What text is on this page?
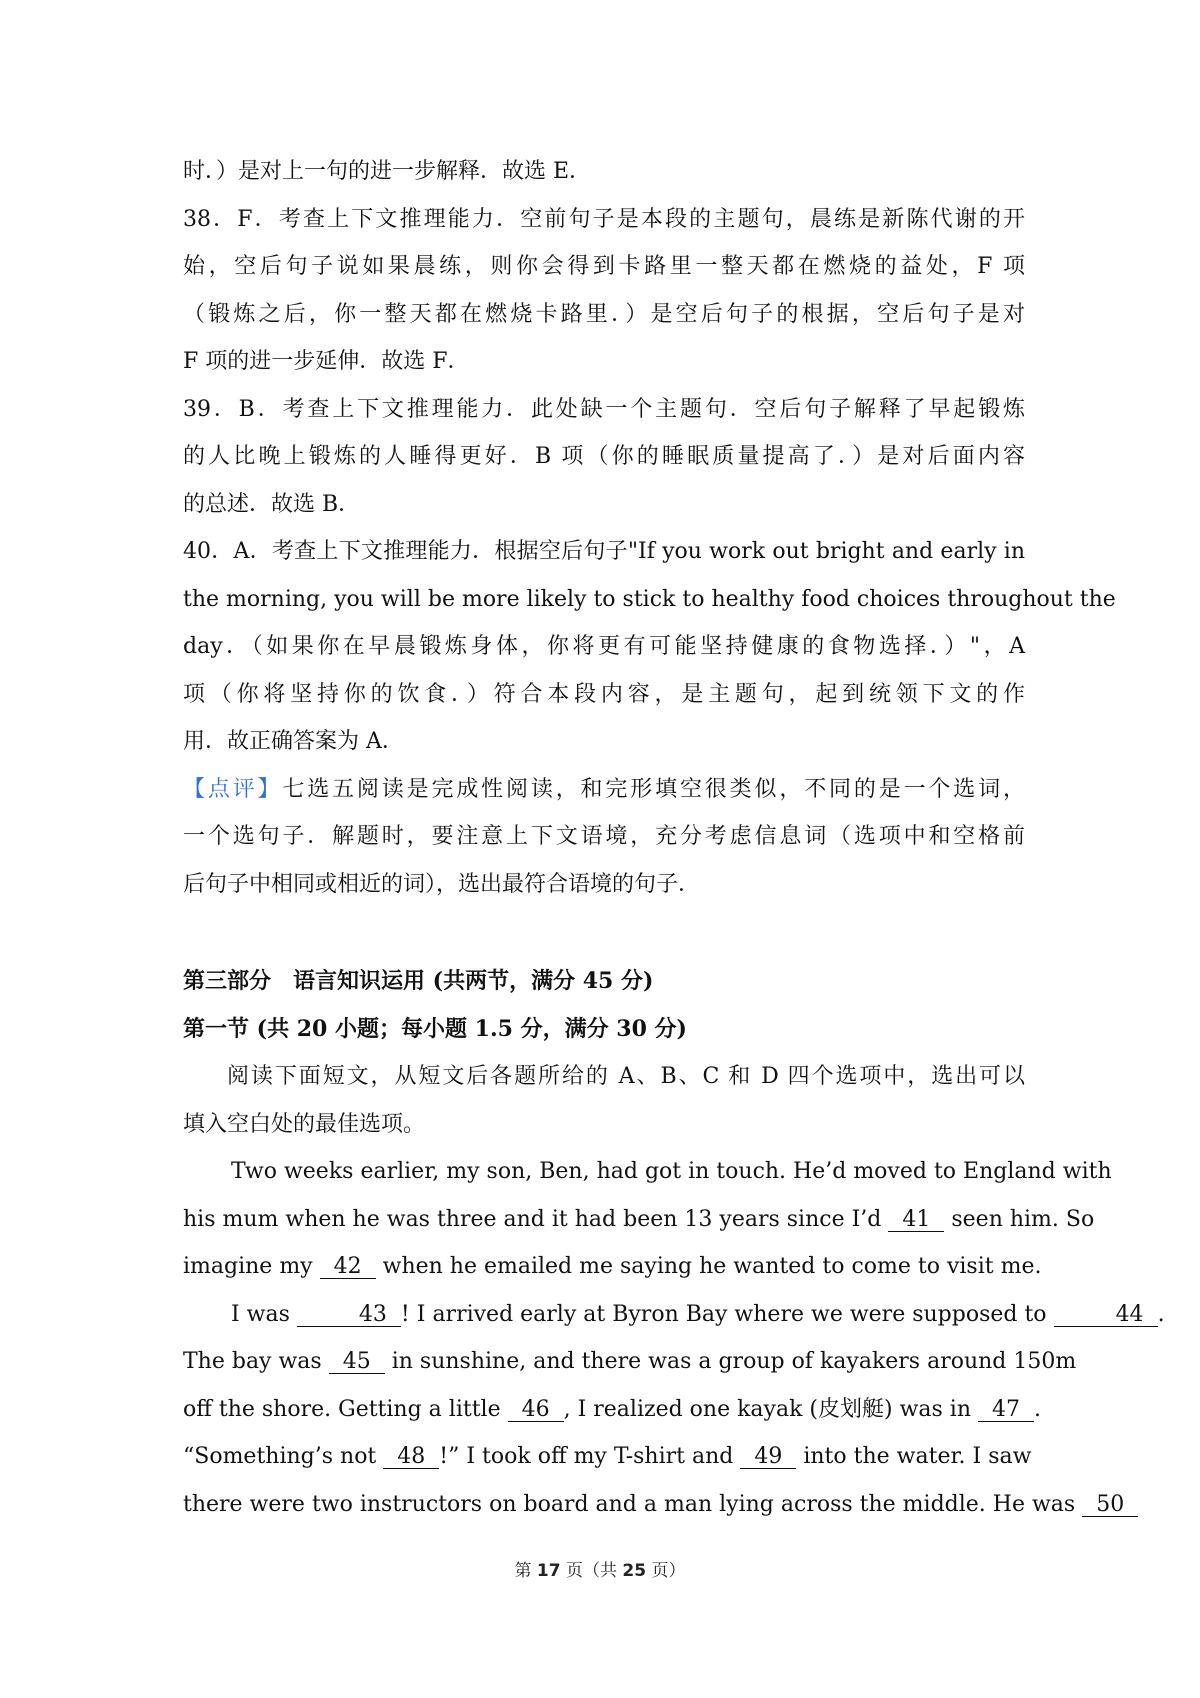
时．）是对上一句的进一步解释．故选 E．
38．F．考查上下文推理能力．空前句子是本段的主题句，晨练是新陈代谢的开
始，空后句子说如果晨练，则你会得到卡路里一整天都在燃烧的益处，F 项
（锻炼之后，你一整天都在燃烧卡路里．）是空后句子的根据，空后句子是对
F 项的进一步延伸．故选 F．
39．B．考查上下文推理能力．此处缺一个主题句．空后句子解释了早起锻炼
的人比晚上锻炼的人睡得更好．B 项（你的睡眠质量提高了．）是对后面内容
的总述．故选 B．
40．A．考查上下文推理能力．根据空后句子"If you work out bright and early in
the morning, you will be more likely to stick to healthy food choices throughout the
day．（如果你在早晨锻炼身体，你将更有可能坚持健康的食物选择．）"，A
项（你将坚持你的饮食．）符合本段内容，是主题句，起到统领下文的作
用．故正确答案为 A．
【点评】七选五阅读是完成性阅读，和完形填空很类似，不同的是一个选词，
一个选句子．解题时，要注意上下文语境，充分考虑信息词（选项中和空格前
后句子中相同或相近的词），选出最符合语境的句子．
第三部分　语言知识运用 (共两节，满分 45 分)
第一节 (共 20 小题；每小题 1.5 分，满分 30 分)
阅读下面短文，从短文后各题所给的 A、B、C 和 D 四个选项中，选出可以
填入空白处的最佳选项。
Two weeks earlier, my son, Ben, had got in touch. He’d moved to England with
his mum when he was three and it had been 13 years since I’d 41 seen him. So
imagine my 42 when he emailed me saying he wanted to come to visit me.
I was	43 ! I arrived early at Byron Bay where we were supposed to	44 .
The bay was 45 in sunshine, and there was a group of kayakers around 150m
off the shore. Getting a little 46 , I realized one kayak (皮划艇) was in 47 .
“Something’s not 48 !” I took off my T-shirt and 49 into the water. I saw
there were two instructors on board and a man lying across the middle. He was 50
第 17 页（共 25 页）
